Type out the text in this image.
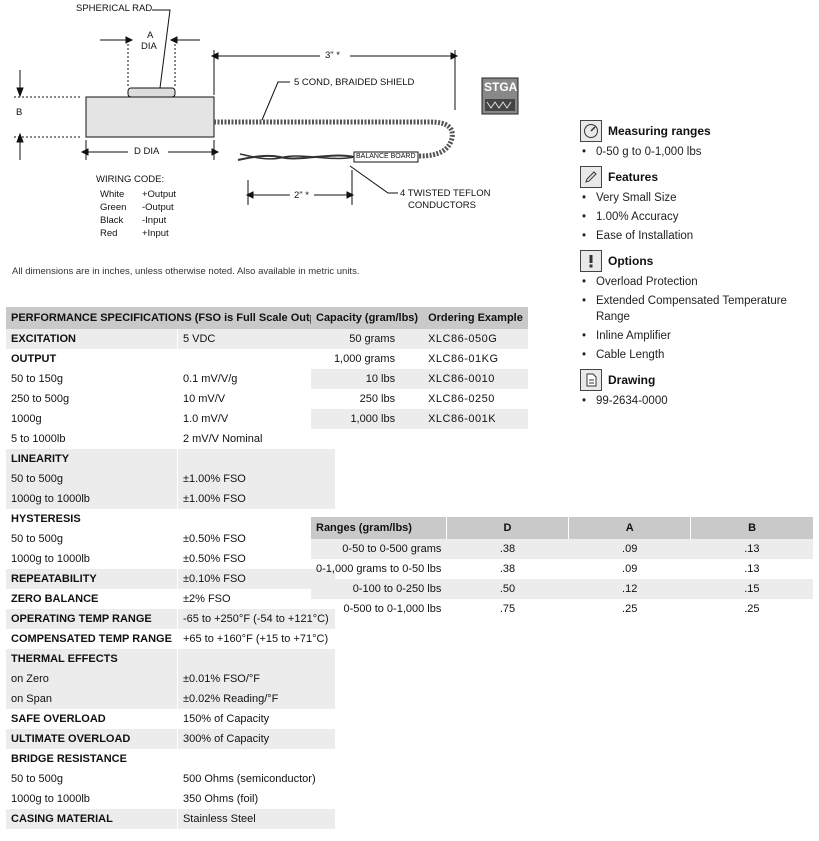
SPHERICAL RAD
A
DIA
B
D DIA
3" *
5 COND, BRAIDED SHIELD
BALANCE BOARD
4 TWISTED TEFLON
CONDUCTORS
2" *
STGA
WIRING CODE:
White	+Output
Green	-Output
Black	-Input
Red	+Input
All dimensions are in inches, unless otherwise noted. Also available in metric units.
PERFORMANCE SPECIFICATIONS (FSO is Full Scale Output)	
EXCITATION	5 VDC
OUTPUT	
50 to 150g	0.1 mV/V/g
250 to 500g	10 mV/V
1000g	1.0 mV/V
5 to 1000lb	2 mV/V Nominal
LINEARITY	
50 to 500g	±1.00% FSO
1000g to 1000lb	±1.00% FSO
HYSTERESIS	
50 to 500g	±0.50% FSO
1000g to 1000lb	±0.50% FSO
REPEATABILITY	±0.10% FSO
ZERO BALANCE	±2% FSO
OPERATING TEMP RANGE	-65 to +250°F (-54 to +121°C)
COMPENSATED TEMP RANGE	+65 to +160°F (+15 to +71°C)
THERMAL EFFECTS	
on Zero	±0.01% FSO/°F
on Span	±0.02% Reading/°F
SAFE OVERLOAD	150% of Capacity
ULTIMATE OVERLOAD	300% of Capacity
BRIDGE RESISTANCE	
50 to 500g	500 Ohms (semiconductor)
1000g to 1000lb	350 Ohms (foil)
CASING MATERIAL	Stainless Steel
Capacity (gram/lbs)	Ordering Example
50 grams	XLC86-050G
1,000 grams	XLC86-01KG
10 lbs	XLC86-0010
250 lbs	XLC86-0250
1,000 lbs	XLC86-001K
Ranges (gram/lbs)	D	A	B
0-50 to 0-500 grams	.38	.09	.13
0-1,000 grams to 0-50 lbs	.38	.09	.13
0-100 to 0-250 lbs	.50	.12	.15
0-500 to 0-1,000 lbs	.75	.25	.25
Measuring ranges
• 0-50 g to 0-1,000 lbs
Features
• Very Small Size
• 1.00% Accuracy
• Ease of Installation
Options
• Overload Protection
• Extended Compensated Temperature Range
• Inline Amplifier
• Cable Length
Drawing
• 99-2634-0000
